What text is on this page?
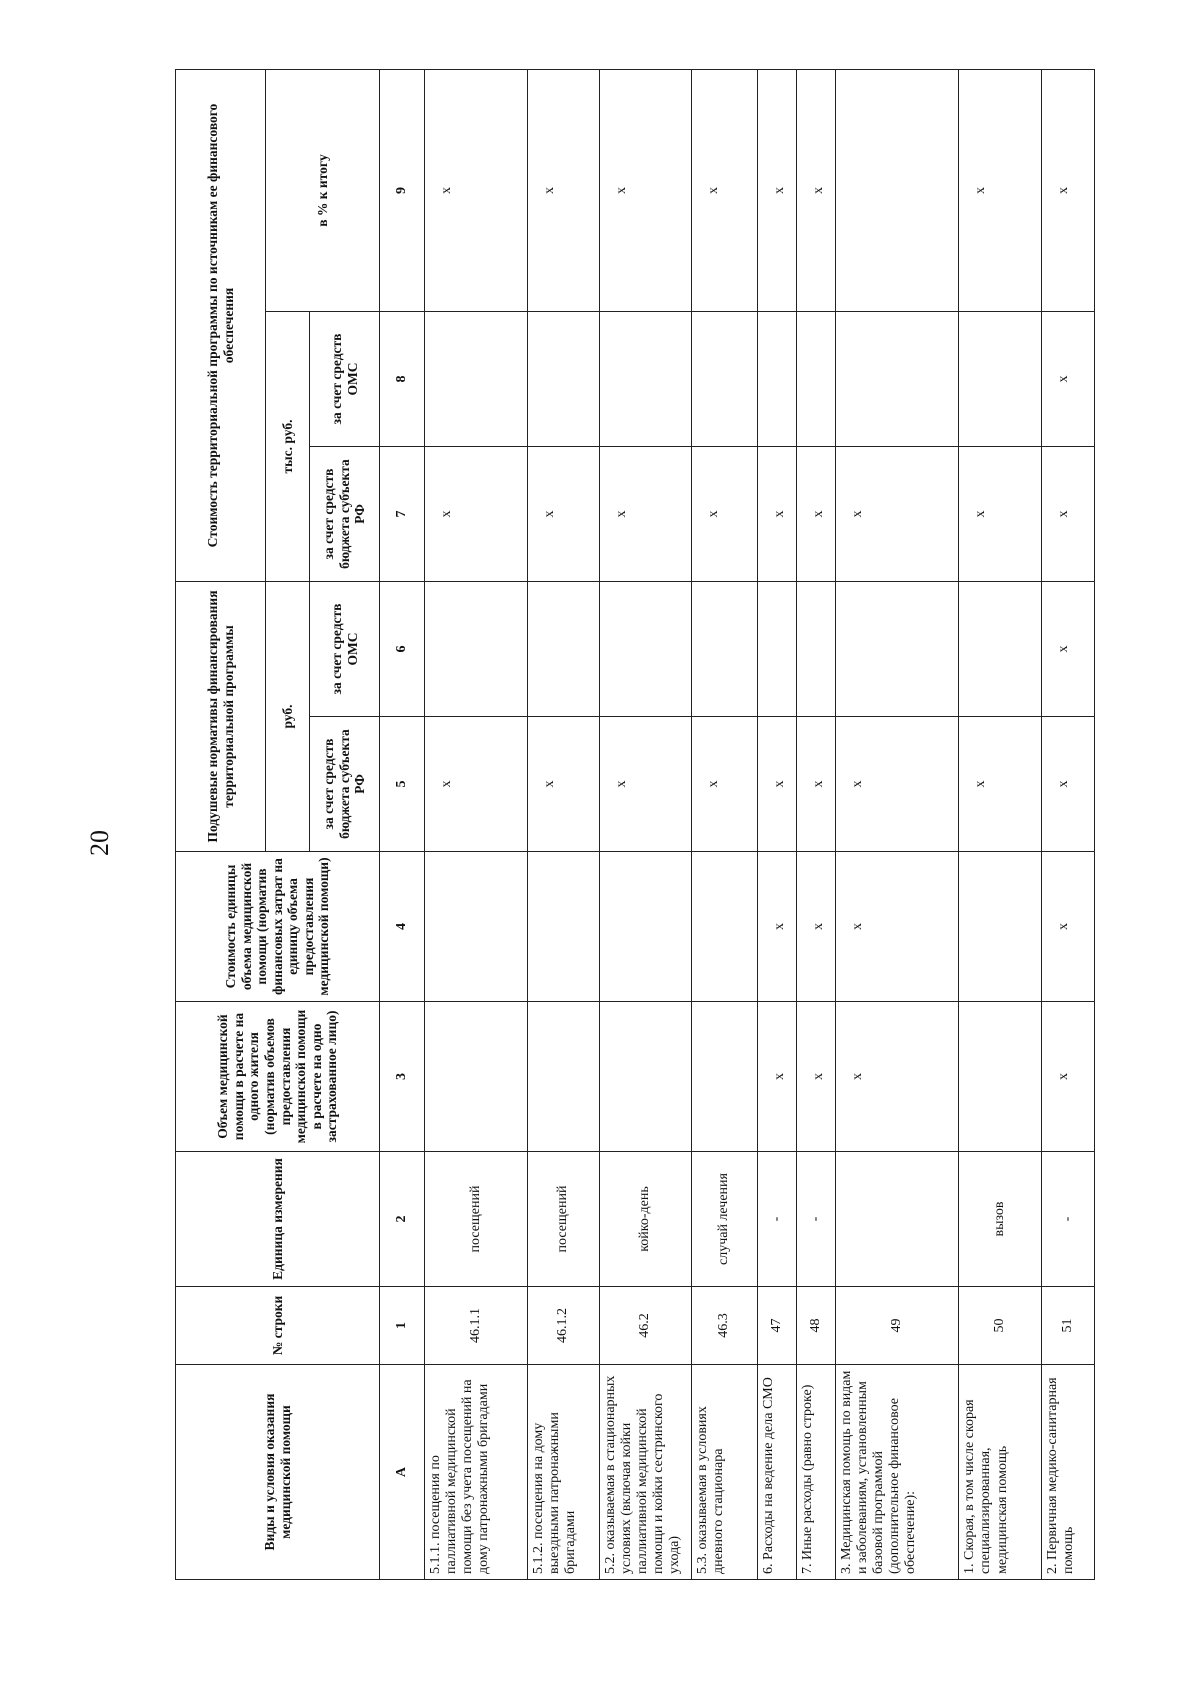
20
Виды и условия оказания медицинской помощи	№ строки	Единица измерения	Объем медицинской помощи в расчете на одного жителя (норматив объемов предоставления медицинской помощи в расчете на одно застрахованное лицо)	Стоимость единицы объема медицинской помощи (норматив финансовых затрат на единицу объема предоставления медицинской помощи)	Подушевые нормативы финансирования территориальной программы		Стоимость территориальной программы по источникам ее финансового обеспечения		
					руб.		тыс. руб.		в % к итогу
					за счет средств бюджета субъекта РФ	за счет средств ОМС	за счет средств бюджета субъекта РФ	за счет средств ОМС	
А	1	2	3	4	5	6	7	8	9
5.1.1. посещения по паллиативной медицинской помощи без учета посещений на дому патронажными бригадами	46.1.1	посещений			х		х		х
5.1.2. посещения на дому выездными патронажными бригадами	46.1.2	посещений			х		х		х
5.2. оказываемая в стационарных условиях (включая койки паллиативной медицинской помощи и койки сестринского ухода)	46.2	койко-день			х		х		х
5.3. оказываемая в условиях дневного стационара	46.3	случай лечения			х		х		х
6. Расходы на ведение дела СМО	47	-	х	х	х		х		х
7. Иные расходы (равно строке)	48	-	х	х	х		х		х
3. Медицинская помощь по видам и заболеваниям, установленным базовой программой (дополнительное финансовое обеспечение):	49		х	х	х		х		
1. Скорая, в том числе скорая специализированная, медицинская помощь	50	вызов			х		х		х
2. Первичная медико-санитарная помощь	51	-	х	х	х	х	х	х	х
